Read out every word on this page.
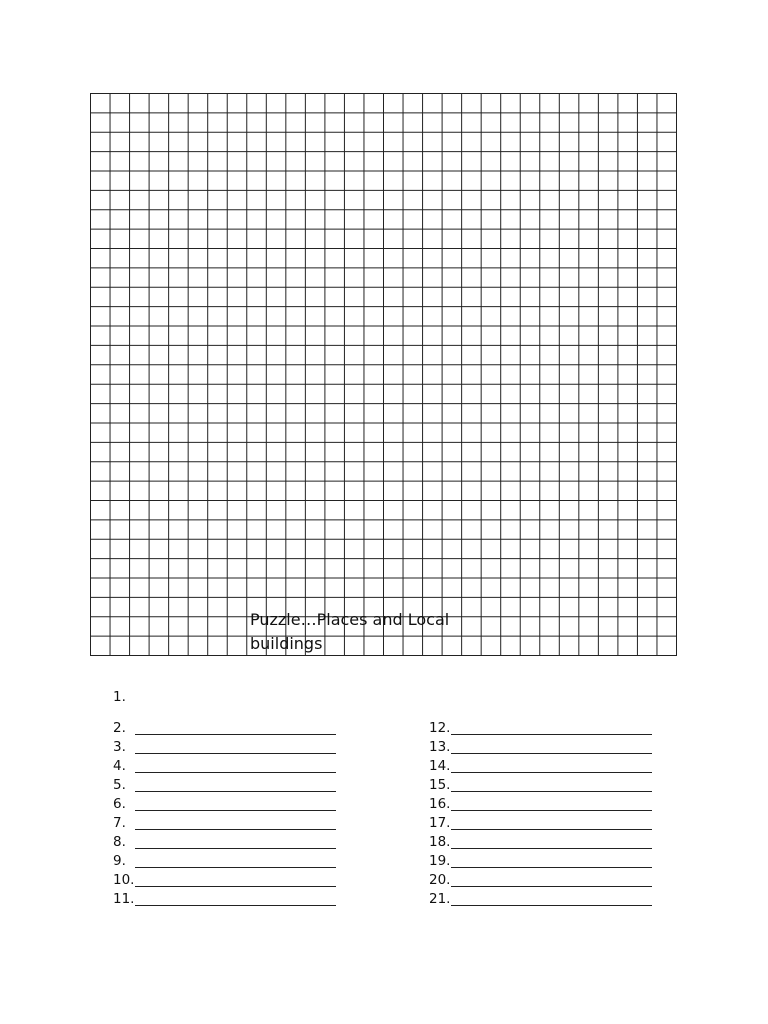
Puzzle…Places and Local buildings
1.
2.
3.
4.
5.
6.
7.
8.
9.
10.
11.
12.
13.
14.
15.
16.
17.
18.
19.
20.
21.
